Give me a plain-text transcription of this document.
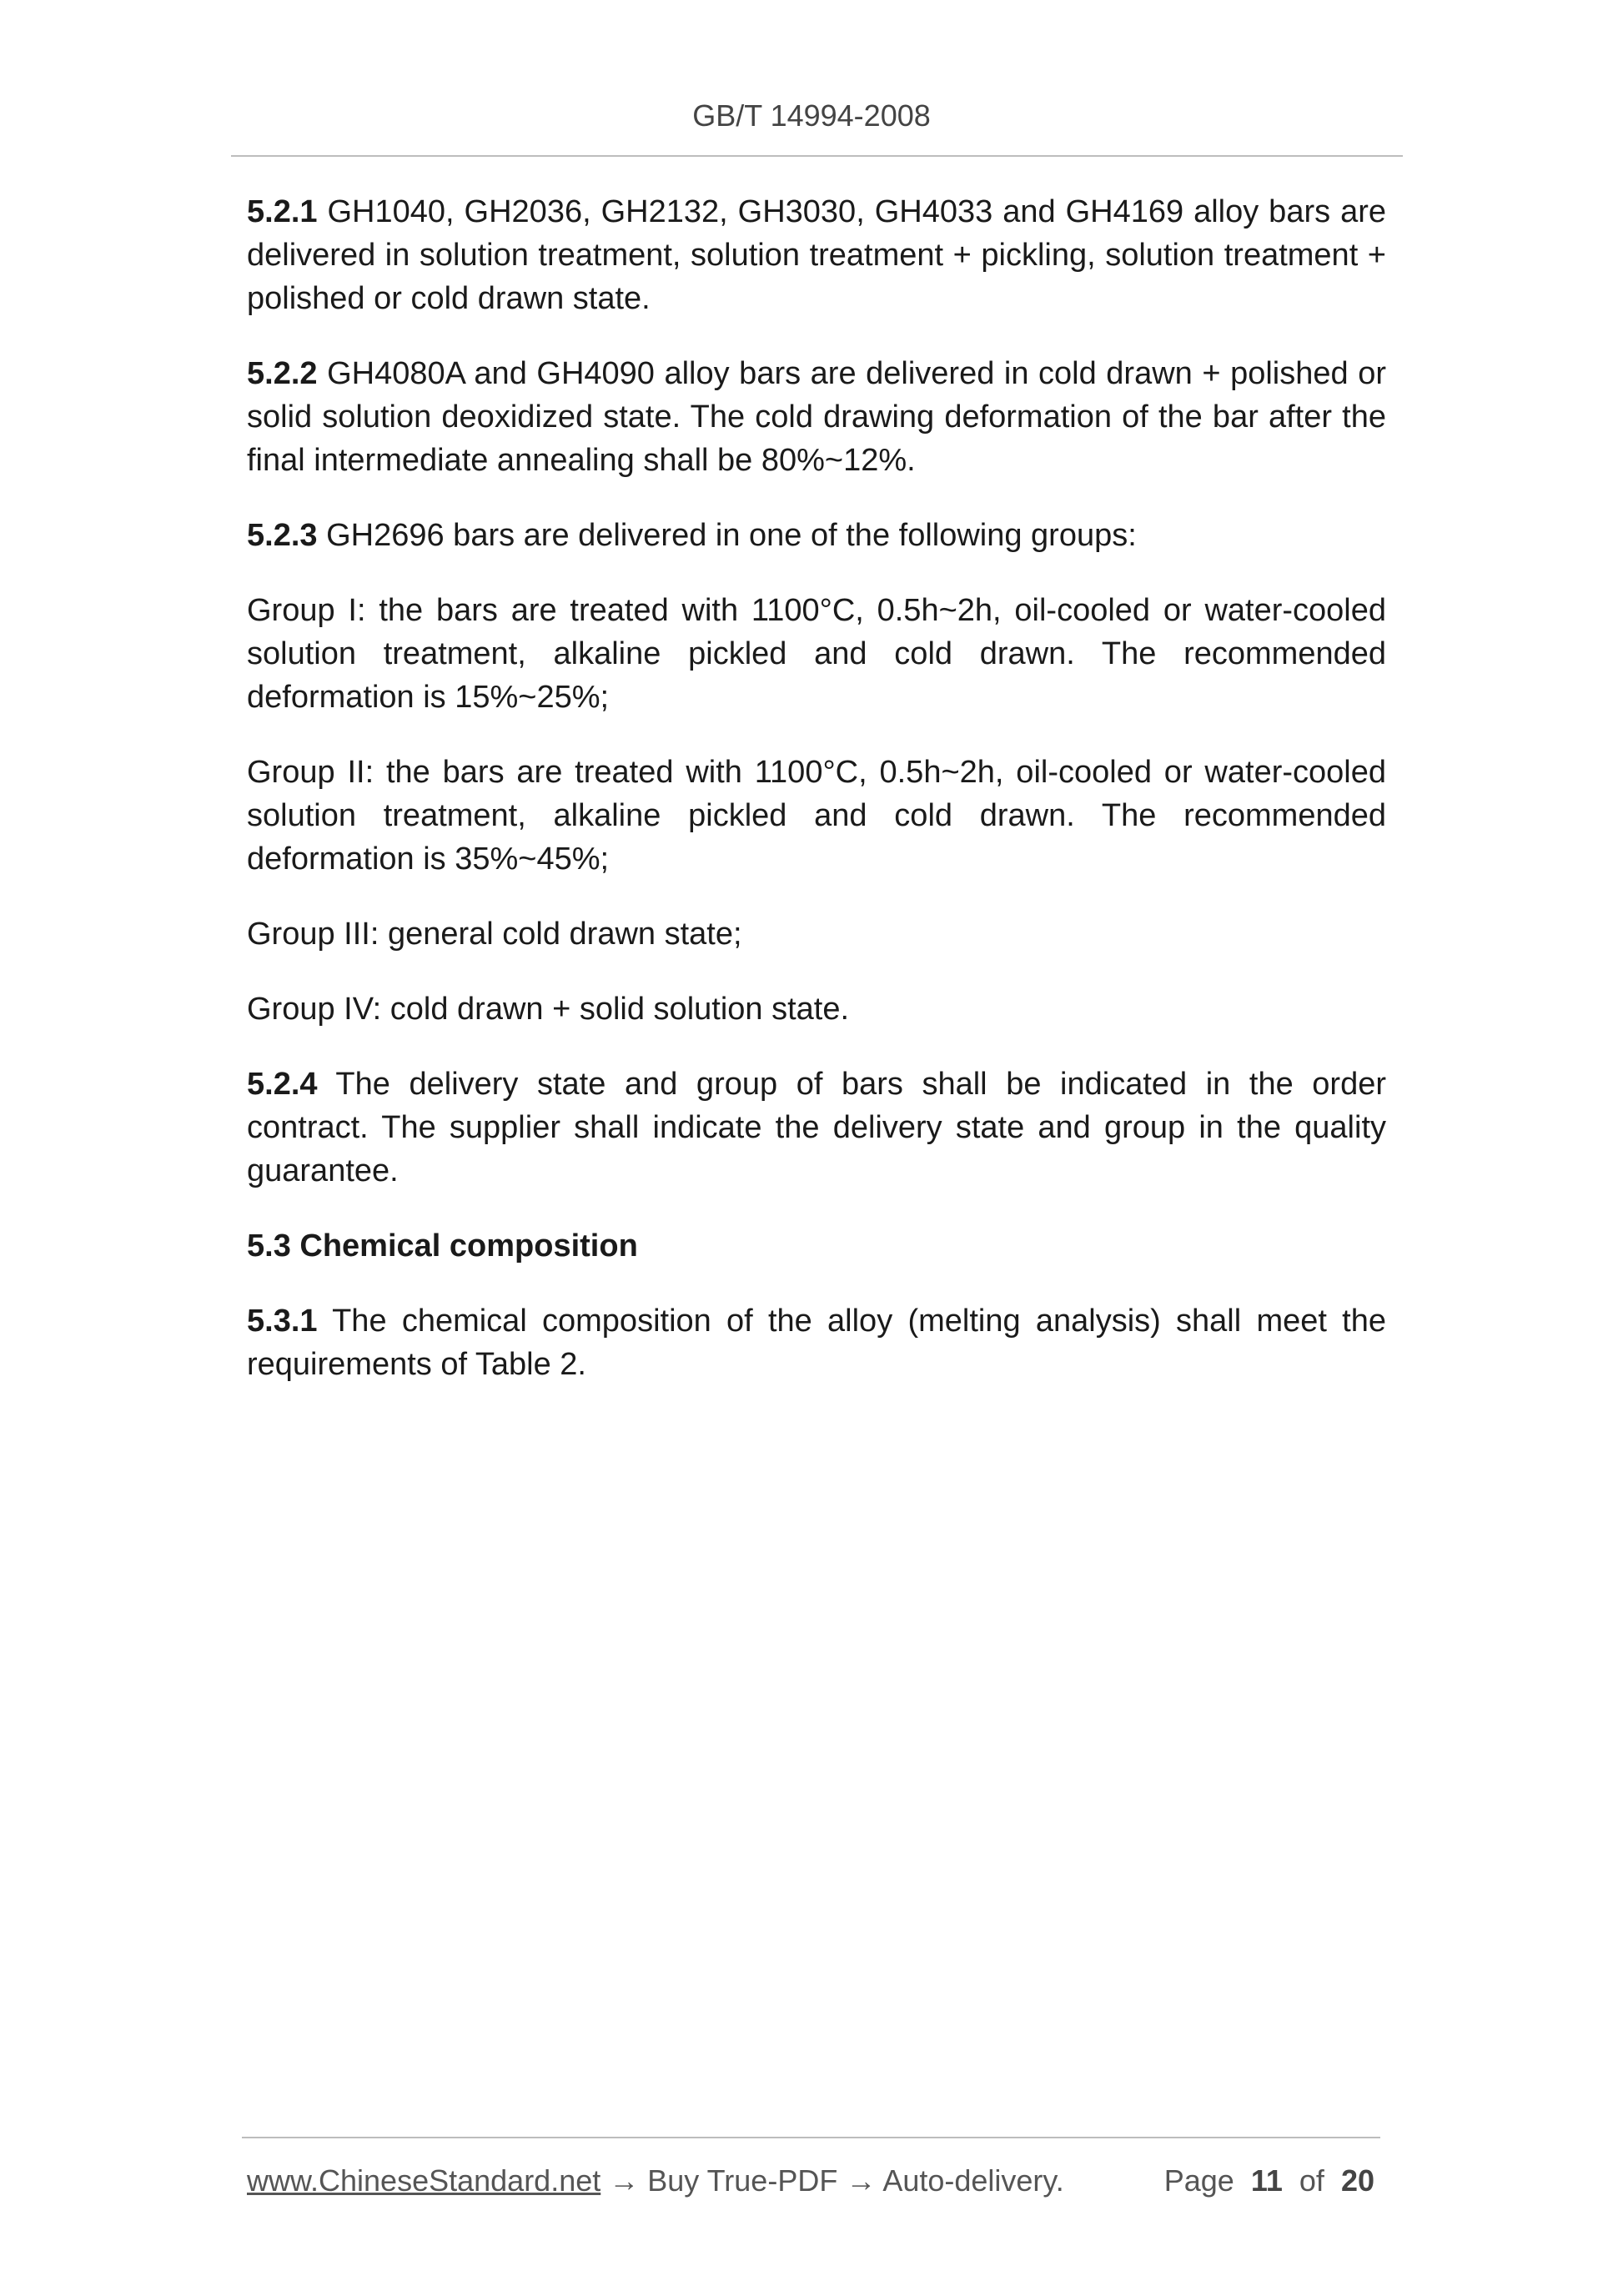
GB/T 14994-2008

5.2.1 GH1040, GH2036, GH2132, GH3030, GH4033 and GH4169 alloy bars are delivered in solution treatment, solution treatment + pickling, solution treatment + polished or cold drawn state.

5.2.2 GH4080A and GH4090 alloy bars are delivered in cold drawn + polished or solid solution deoxidized state. The cold drawing deformation of the bar after the final intermediate annealing shall be 80%~12%.

5.2.3 GH2696 bars are delivered in one of the following groups:

Group I: the bars are treated with 1100°C, 0.5h~2h, oil-cooled or water-cooled solution treatment, alkaline pickled and cold drawn. The recommended deformation is 15%~25%;

Group II: the bars are treated with 1100°C, 0.5h~2h, oil-cooled or water-cooled solution treatment, alkaline pickled and cold drawn. The recommended deformation is 35%~45%;

Group III: general cold drawn state;

Group IV: cold drawn + solid solution state.

5.2.4 The delivery state and group of bars shall be indicated in the order contract. The supplier shall indicate the delivery state and group in the quality guarantee.

5.3 Chemical composition

5.3.1 The chemical composition of the alloy (melting analysis) shall meet the requirements of Table 2.

www.ChineseStandard.net → Buy True-PDF → Auto-delivery.	Page 11 of 20
